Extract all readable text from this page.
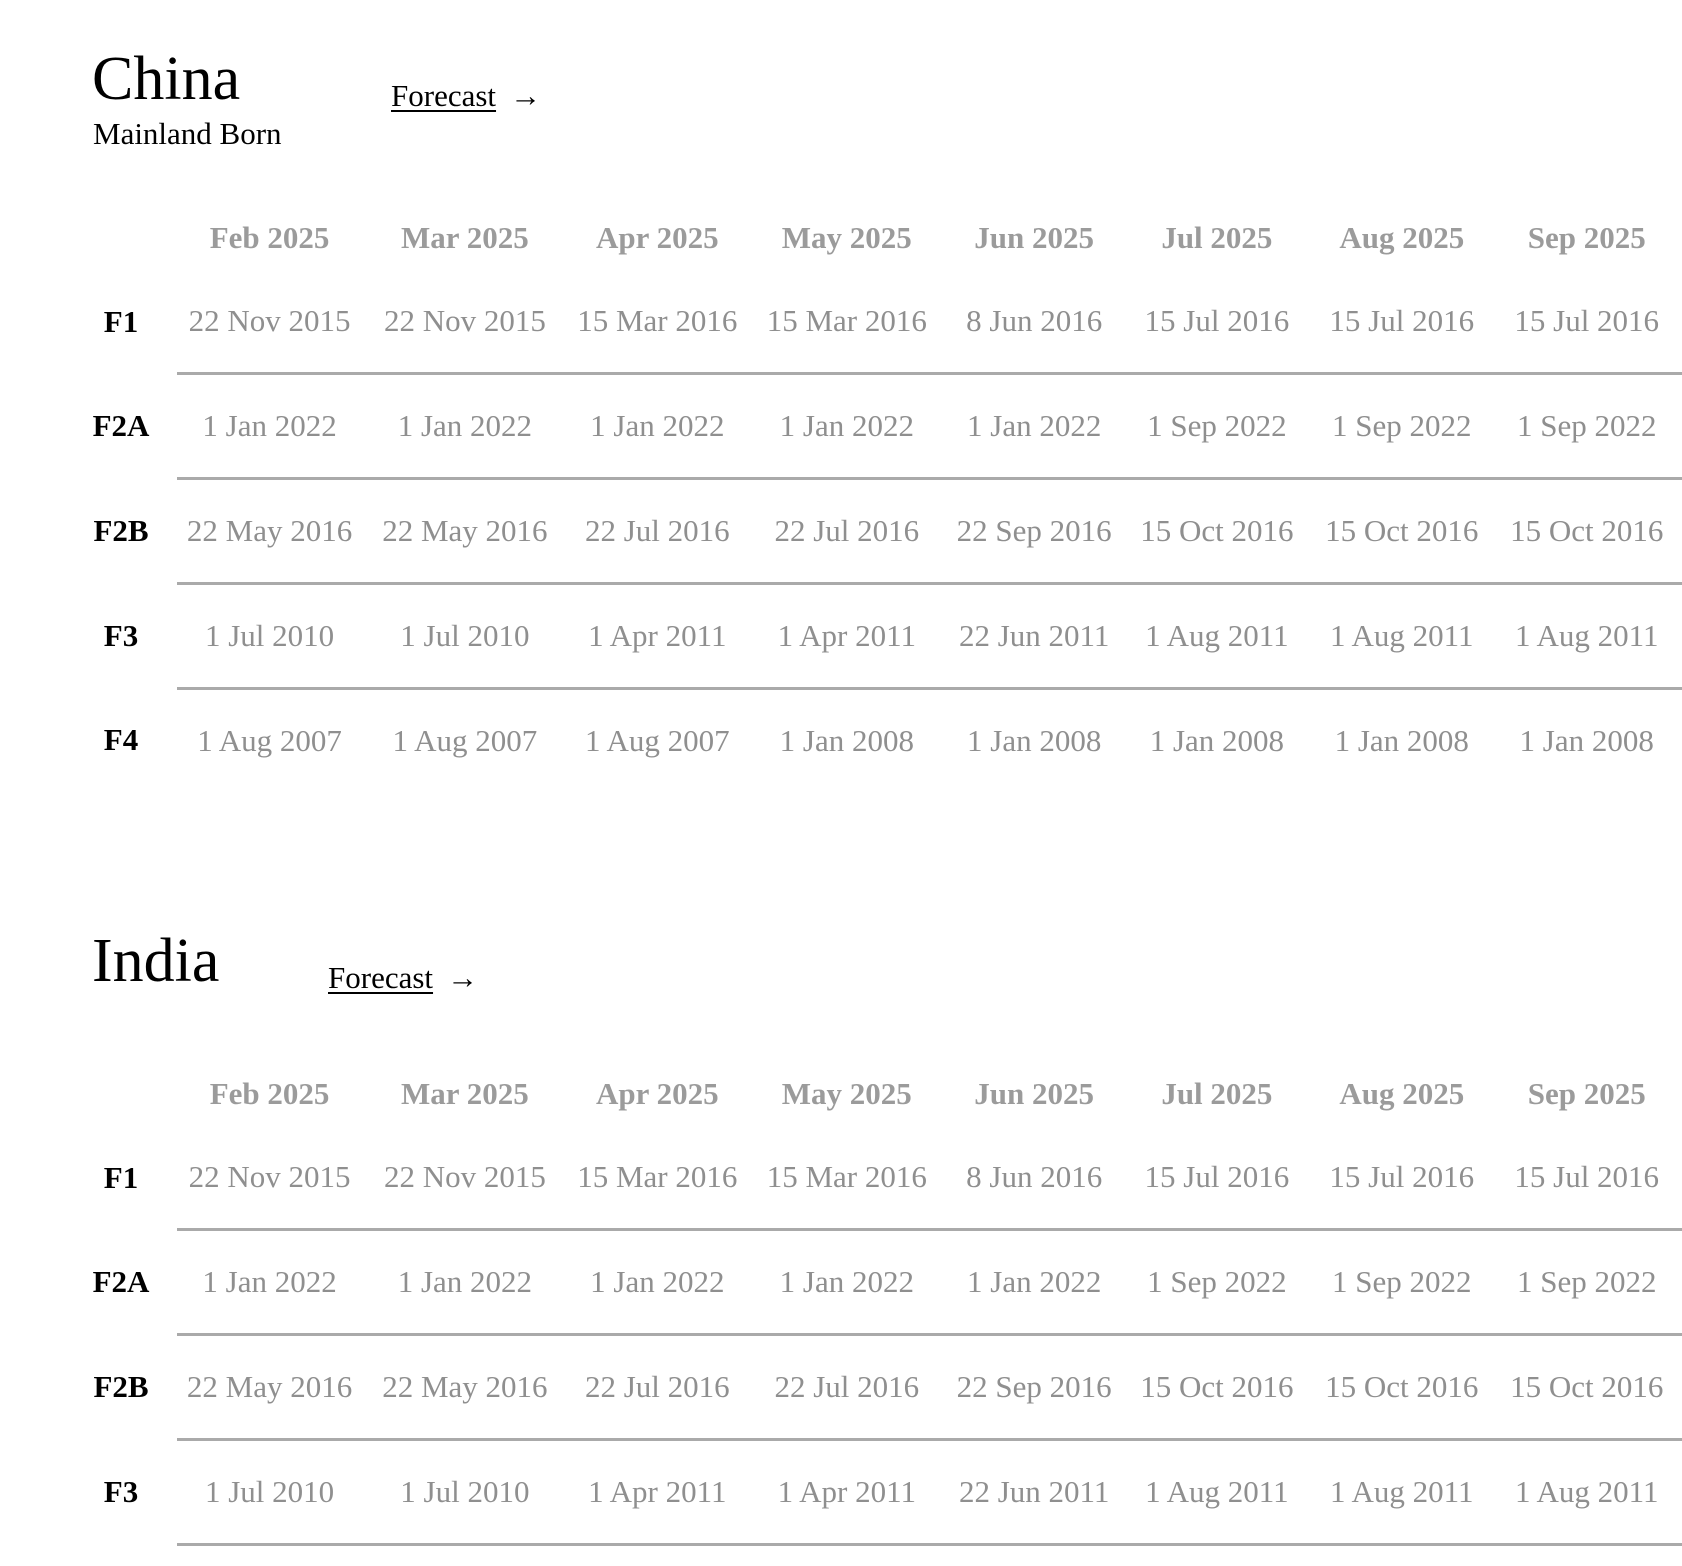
China
Mainland Born
Forecast →
	Feb 2025	Mar 2025	Apr 2025	May 2025	Jun 2025	Jul 2025	Aug 2025	Sep 2025
F1	22 Nov 2015	22 Nov 2015	15 Mar 2016	15 Mar 2016	8 Jun 2016	15 Jul 2016	15 Jul 2016	15 Jul 2016
F2A	1 Jan 2022	1 Jan 2022	1 Jan 2022	1 Jan 2022	1 Jan 2022	1 Sep 2022	1 Sep 2022	1 Sep 2022
F2B	22 May 2016	22 May 2016	22 Jul 2016	22 Jul 2016	22 Sep 2016	15 Oct 2016	15 Oct 2016	15 Oct 2016
F3	1 Jul 2010	1 Jul 2010	1 Apr 2011	1 Apr 2011	22 Jun 2011	1 Aug 2011	1 Aug 2011	1 Aug 2011
F4	1 Aug 2007	1 Aug 2007	1 Aug 2007	1 Jan 2008	1 Jan 2008	1 Jan 2008	1 Jan 2008	1 Jan 2008
India	Forecast →
	Feb 2025	Mar 2025	Apr 2025	May 2025	Jun 2025	Jul 2025	Aug 2025	Sep 2025
F1	22 Nov 2015	22 Nov 2015	15 Mar 2016	15 Mar 2016	8 Jun 2016	15 Jul 2016	15 Jul 2016	15 Jul 2016
F2A	1 Jan 2022	1 Jan 2022	1 Jan 2022	1 Jan 2022	1 Jan 2022	1 Sep 2022	1 Sep 2022	1 Sep 2022
F2B	22 May 2016	22 May 2016	22 Jul 2016	22 Jul 2016	22 Sep 2016	15 Oct 2016	15 Oct 2016	15 Oct 2016
F3	1 Jul 2010	1 Jul 2010	1 Apr 2011	1 Apr 2011	22 Jun 2011	1 Aug 2011	1 Aug 2011	1 Aug 2011
